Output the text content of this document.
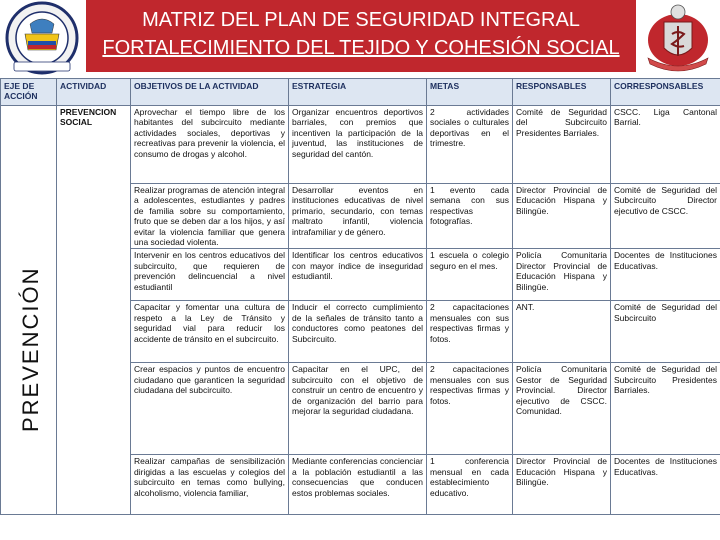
MATRIZ DEL PLAN DE SEGURIDAD INTEGRAL
FORTALECIMIENTO DEL TEJIDO Y COHESIÓN SOCIAL
PREVENCIÓN
EJE DE ACCIÓN	ACTIVIDAD	OBJETIVOS DE LA ACTIVIDAD	ESTRATEGIA	METAS	RESPONSABLES	CORRESPONSABLES
	PREVENCION SOCIAL	Aprovechar el tiempo libre de los habitantes del subcircuito mediante actividades sociales, deportivas y recreativas para prevenir la violencia, el consumo de drogas y alcohol.	Organizar encuentros deportivos barriales, con premios que incentiven la participación de la juventud, las instituciones de seguridad del cantón.	2 actividades sociales o culturales deportivas en el trimestre.	Comité de Seguridad del Subcircuito Presidentes Barriales.	CSCC. Liga Cantonal Barrial.
		Realizar programas de atención integral a adolescentes, estudiantes y padres de familia sobre su comportamiento, fruto que se deben dar a los hijos, y así evitar la violencia familiar que genera una sociedad violenta.	Desarrollar eventos en instituciones educativas de nivel primario, secundario, con temas maltrato infantil, violencia intrafamiliar y de género.	1 evento cada semana con sus respectivas fotografías.	Director Provincial de Educación Hispana y Bilingüe.	Comité de Seguridad del Subcircuito Director ejecutivo de CSCC.
		Intervenir en los centros educativos del subcircuito, que requieren de prevención delincuencial a nivel estudiantil	Identificar los centros educativos con mayor índice de inseguridad estudiantil.	1 escuela o colegio seguro en el mes.	Policía Comunitaria Director Provincial de Educación Hispana y Bilingüe.	Docentes de Instituciones Educativas.
		Capacitar y fomentar una cultura de respeto a la Ley de Tránsito y seguridad vial para reducir los accidente de tránsito en el subcircuito.	Inducir el correcto cumplimiento de la señales de tránsito tanto a conductores como peatones del Subcircuito.	2 capacitaciones mensuales con sus respectivas firmas y fotos.	ANT.	Comité de Seguridad del Subcircuito
		Crear espacios y puntos de encuentro ciudadano que garanticen la seguridad ciudadana del subcircuito.	Capacitar en el UPC, del subcircuito con el objetivo de construir un centro de encuentro y de organización del barrio para mejorar la seguridad ciudadana.	2 capacitaciones mensuales con sus respectivas firmas y fotos.	Policía Comunitaria Gestor de Seguridad Provincial. Director ejecutivo de CSCC. Comunidad.	Comité de Seguridad del Subcircuito Presidentes Barriales.
		Realizar campañas de sensibilización dirigidas a las escuelas y colegios del subcircuito en temas como bullying, alcoholismo, violencia familiar,	Mediante conferencias concienciar a la población estudiantil a las consecuencias que conducen estos problemas sociales.	1 conferencia mensual en cada establecimiento educativo.	Director Provincial de Educación Hispana y Bilingüe.	Docentes de Instituciones Educativas.
